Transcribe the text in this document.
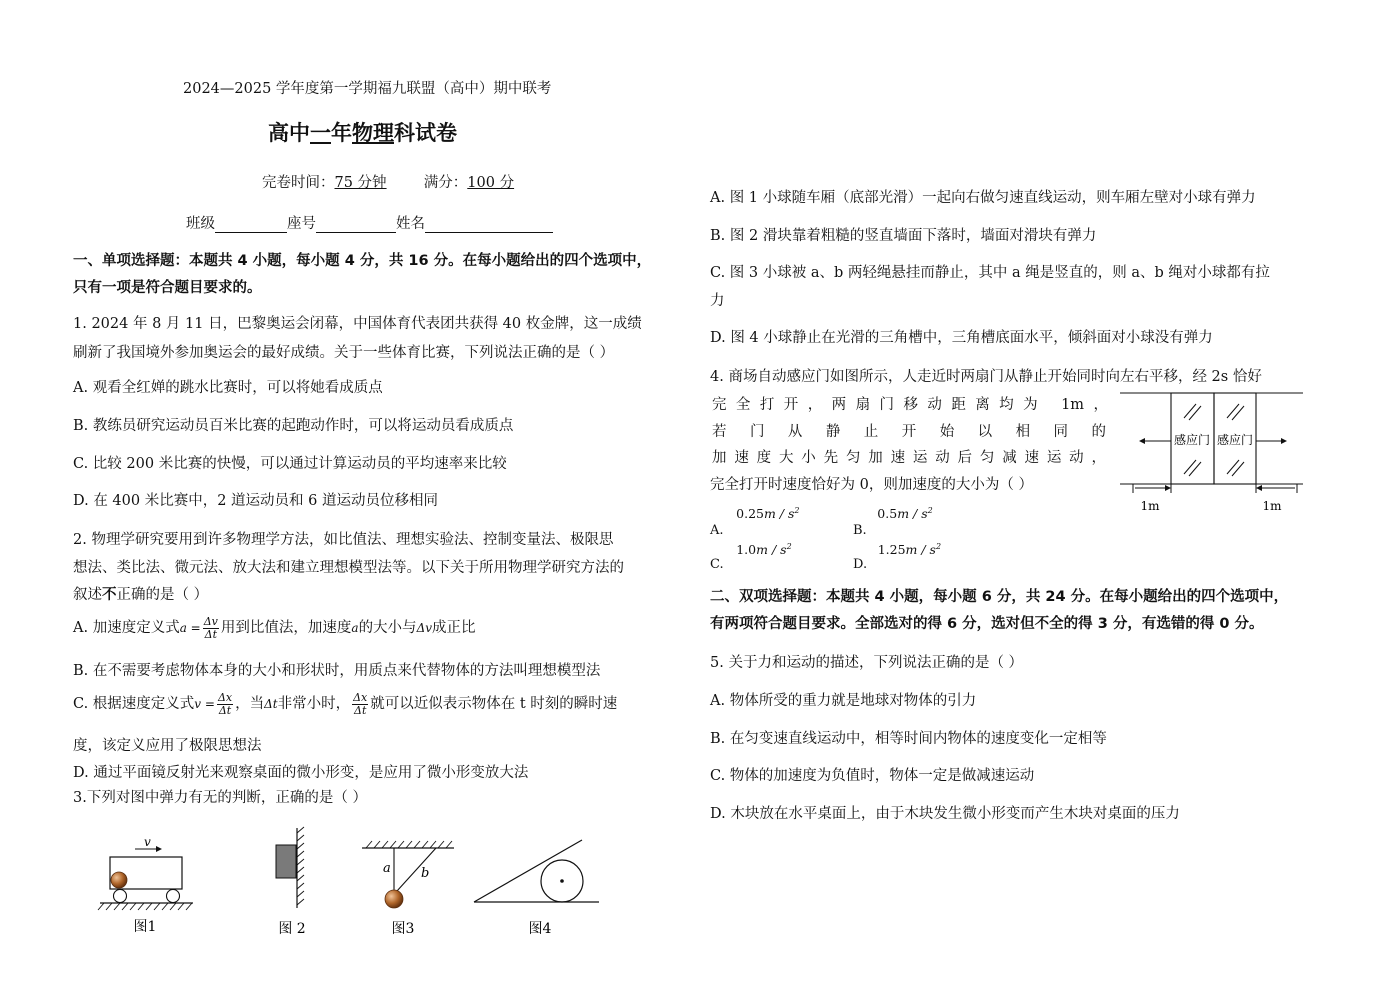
2024—2025 学年度第一学期福九联盟（高中）期中联考
高中一年物理科试卷
完卷时间：75 分钟	满分：100 分
班级	座号	姓名
一、单项选择题：本题共 4 小题，每小题 4 分，共 16 分。在每小题给出的四个选项中，
只有一项是符合题目要求的。
1. 2024 年 8 月 11 日，巴黎奥运会闭幕，中国体育代表团共获得 40 枚金牌，这一成绩
刷新了我国境外参加奥运会的最好成绩。关于一些体育比赛，下列说法正确的是（ ）
A. 观看全红婵的跳水比赛时，可以将她看成质点
B. 教练员研究运动员百米比赛的起跑动作时，可以将运动员看成质点
C. 比较 200 米比赛的快慢，可以通过计算运动员的平均速率来比较
D. 在 400 米比赛中，2 道运动员和 6 道运动员位移相同
2. 物理学研究要用到许多物理学方法，如比值法、理想实验法、控制变量法、极限思
想法、类比法、微元法、放大法和建立理想模型法等。以下关于所用物理学研究方法的
叙述不正确的是（ ）
A. 加速度定义式$a = \frac{\Delta v}{\Delta t}$ 用到比值法，加速度a的大小与Δv成正比
B. 在不需要考虑物体本身的大小和形状时，用质点来代替物体的方法叫理想模型法
C. 根据速度定义式$v = \frac{\Delta x}{\Delta t}$ ，当Δt非常小时， $\frac{\Delta x}{\Delta t}$ 就可以近似表示物体在 t 时刻的瞬时速
度，该定义应用了极限思想法
D. 通过平面镜反射光来观察桌面的微小形变，是应用了微小形变放大法
3.下列对图中弹力有无的判断，正确的是（ ）
v
图1	图 2
a b
图3	图4
A. 图 1 小球随车厢（底部光滑）一起向右做匀速直线运动，则车厢左壁对小球有弹力
B. 图 2 滑块靠着粗糙的竖直墙面下落时，墙面对滑块有弹力
C. 图 3 小球被 a、b 两轻绳悬挂而静止，其中 a 绳是竖直的，则 a、b 绳对小球都有拉
力
D. 图 4 小球静止在光滑的三角槽中，三角槽底面水平，倾斜面对小球没有弹力
4. 商场自动感应门如图所示，人走近时两扇门从静止开始同时向左右平移，经 2s 恰好
完全打开，两扇门移动距离均为 1m，
若门从静止开始以相同的
加速度大小先匀加速运动后匀减速运动，
完全打开时速度恰好为 0，则加速度的大小为（ ）
感应门 感应门
1m	1m
A. $0.25m / s^2$
B. $0.5m / s^2$
C. $1.0m / s^2$
D. $1.25m / s^2$
二、双项选择题：本题共 4 小题，每小题 6 分，共 24 分。在每小题给出的四个选项中，
有两项符合题目要求。全部选对的得 6 分，选对但不全的得 3 分，有选错的得 0 分。
5. 关于力和运动的描述，下列说法正确的是（ ）
A. 物体所受的重力就是地球对物体的引力
B. 在匀变速直线运动中，相等时间内物体的速度变化一定相等
C. 物体的加速度为负值时，物体一定是做减速运动
D. 木块放在水平桌面上，由于木块发生微小形变而产生木块对桌面的压力
